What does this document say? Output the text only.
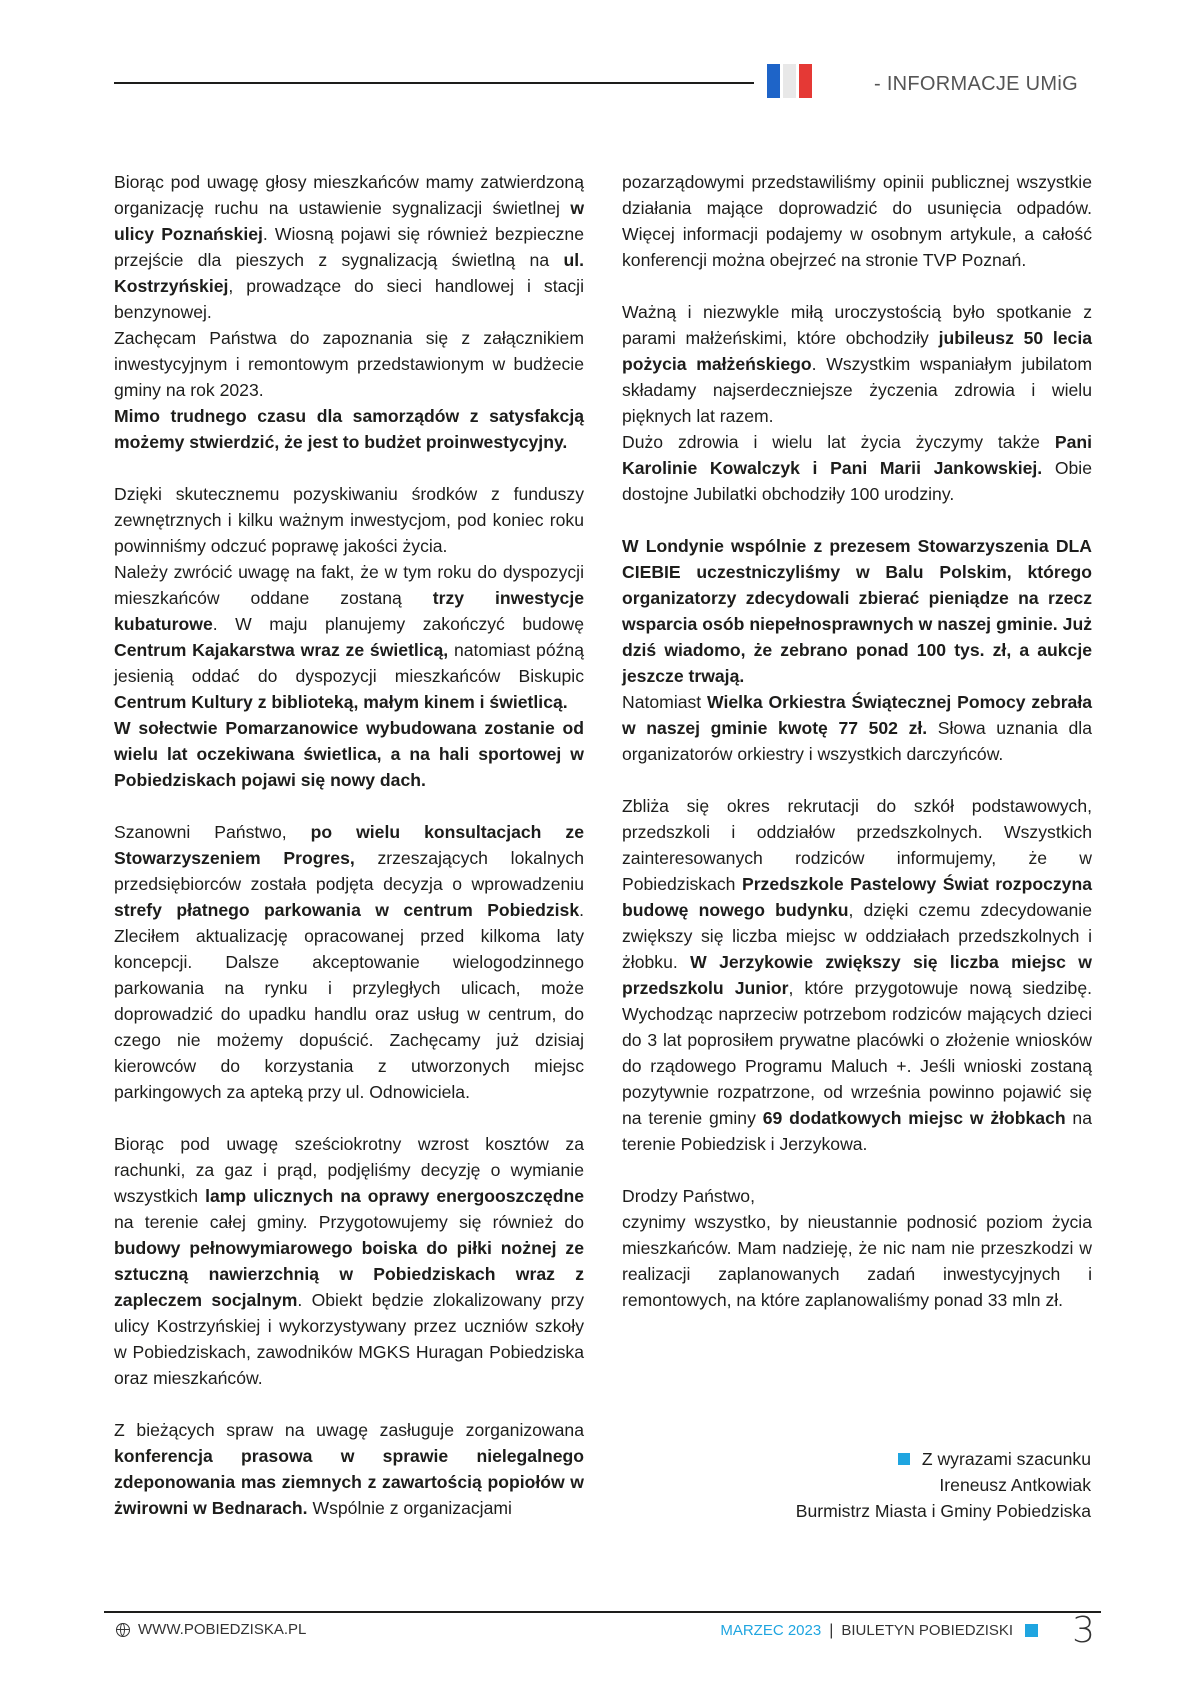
- INFORMACJE UMiG

Biorąc pod uwagę głosy mieszkańców mamy zatwierdzoną organizację ruchu na ustawienie sygnalizacji świetlnej w ulicy Poznańskiej. Wiosną pojawi się również bezpieczne przejście dla pieszych z sygnalizacją świetlną na ul. Kostrzyńskiej, prowadzące do sieci handlowej i stacji benzynowej.

Zachęcam Państwa do zapoznania się z załącznikiem inwestycyjnym i remontowym przedstawionym w budżecie gminy na rok 2023.

Mimo trudnego czasu dla samorządów z satysfakcją możemy stwierdzić, że jest to budżet proinwestycyjny.

Dzięki skutecznemu pozyskiwaniu środków z funduszy zewnętrznych i kilku ważnym inwestycjom, pod koniec roku powinniśmy odczuć poprawę jakości życia.

Należy zwrócić uwagę na fakt, że w tym roku do dyspozycji mieszkańców oddane zostaną trzy inwestycje kubaturowe. W maju planujemy zakończyć budowę Centrum Kajakarstwa wraz ze świetlicą, natomiast późną jesienią oddać do dyspozycji mieszkańców Biskupic Centrum Kultury z biblioteką, małym kinem i świetlicą.

W sołectwie Pomarzanowice wybudowana zostanie od wielu lat oczekiwana świetlica, a na hali sportowej w Pobiedziskach pojawi się nowy dach.

Szanowni Państwo, po wielu konsultacjach ze Stowarzyszeniem Progres, zrzeszających lokalnych przedsiębiorców została podjęta decyzja o wprowadzeniu strefy płatnego parkowania w centrum Pobiedzisk. Zleciłem aktualizację opracowanej przed kilkoma laty koncepcji. Dalsze akceptowanie wielogodzinnego parkowania na rynku i przyległych ulicach, może doprowadzić do upadku handlu oraz usług w centrum, do czego nie możemy dopuścić. Zachęcamy już dzisiaj kierowców do korzystania z utworzonych miejsc parkingowych za apteką przy ul. Odnowiciela.

Biorąc pod uwagę sześciokrotny wzrost kosztów za rachunki, za gaz i prąd, podjęliśmy decyzję o wymianie wszystkich lamp ulicznych na oprawy energooszczędne na terenie całej gminy. Przygotowujemy się również do budowy pełnowymiarowego boiska do piłki nożnej ze sztuczną nawierzchnią w Pobiedziskach wraz z zapleczem socjalnym. Obiekt będzie zlokalizowany przy ulicy Kostrzyńskiej i wykorzystywany przez uczniów szkoły w Pobiedziskach, zawodników MGKS Huragan Pobiedziska oraz mieszkańców.

Z bieżących spraw na uwagę zasługuje zorganizowana konferencja prasowa w sprawie nielegalnego zdeponowania mas ziemnych z zawartością popiołów w żwirowni w Bednarach. Wspólnie z organizacjami

pozarządowymi przedstawiliśmy opinii publicznej wszystkie działania mające doprowadzić do usunięcia odpadów. Więcej informacji podajemy w osobnym artykule, a całość konferencji można obejrzeć na stronie TVP Poznań.

Ważną i niezwykle miłą uroczystością było spotkanie z parami małżeńskimi, które obchodziły jubileusz 50 lecia pożycia małżeńskiego. Wszystkim wspaniałym jubilatom składamy najserdeczniejsze życzenia zdrowia i wielu pięknych lat razem.

Dużo zdrowia i wielu lat życia życzymy także Pani Karolinie Kowalczyk i Pani Marii Jankowskiej. Obie dostojne Jubilatki obchodziły 100 urodziny.

W Londynie wspólnie z prezesem Stowarzyszenia DLA CIEBIE uczestniczyliśmy w Balu Polskim, którego organizatorzy zdecydowali zbierać pieniądze na rzecz wsparcia osób niepełnosprawnych w naszej gminie. Już dziś wiadomo, że zebrano ponad 100 tys. zł, a aukcje jeszcze trwają.

Natomiast Wielka Orkiestra Świątecznej Pomocy zebrała w naszej gminie kwotę 77 502 zł. Słowa uznania dla organizatorów orkiestry i wszystkich darczyńców.

Zbliża się okres rekrutacji do szkół podstawowych, przedszkoli i oddziałów przedszkolnych. Wszystkich zainteresowanych rodziców informujemy, że w Pobiedziskach Przedszkole Pastelowy Świat rozpoczyna budowę nowego budynku, dzięki czemu zdecydowanie zwiększy się liczba miejsc w oddziałach przedszkolnych i żłobku. W Jerzykowie zwiększy się liczba miejsc w przedszkolu Junior, które przygotowuje nową siedzibę. Wychodząc naprzeciw potrzebom rodziców mających dzieci do 3 lat poprosiłem prywatne placówki o złożenie wniosków do rządowego Programu Maluch +. Jeśli wnioski zostaną pozytywnie rozpatrzone, od września powinno pojawić się na terenie gminy 69 dodatkowych miejsc w żłobkach na terenie Pobiedzisk i Jerzykowa.

Drodzy Państwo,

czynimy wszystko, by nieustannie podnosić poziom życia mieszkańców. Mam nadzieję, że nic nam nie przeszkodzi w realizacji zaplanowanych zadań inwestycyjnych i remontowych, na które zaplanowaliśmy ponad 33 mln zł.

Z wyrazami szacunku
Ireneusz Antkowiak
Burmistrz Miasta i Gminy Pobiedziska
WWW.POBIEDZISKA.PL	MARZEC 2023 | BIULETYN POBIEDZISKI 3
